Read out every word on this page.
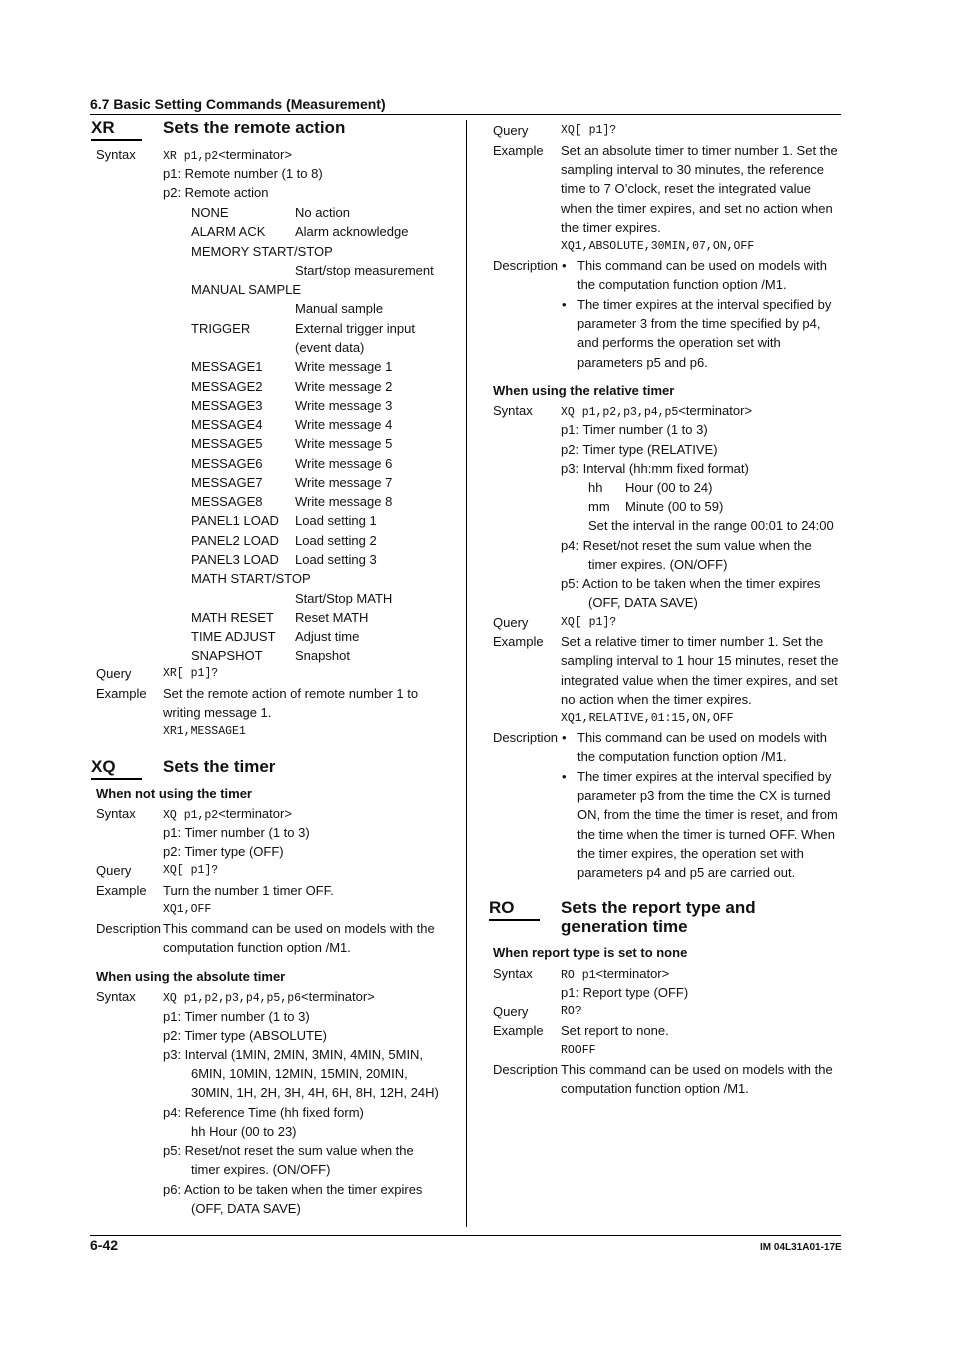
6.7 Basic Setting Commands (Measurement)
XR	Sets the remote action
Syntax XR p1,p2<terminator>
p1: Remote number (1 to 8)
p2: Remote action
NONE	No action
ALARM ACK Alarm acknowledge
MEMORY START/STOP
Start/stop measurement
MANUAL SAMPLE
Manual sample
TRIGGER	External trigger input
(event data)
MESSAGE1 Write message 1
MESSAGE2 Write message 2
MESSAGE3 Write message 3
MESSAGE4 Write message 4
MESSAGE5 Write message 5
MESSAGE6 Write message 6
MESSAGE7 Write message 7
MESSAGE8 Write message 8
PANEL1 LOAD Load setting 1
PANEL2 LOAD Load setting 2
PANEL3 LOAD Load setting 3
MATH START/STOP
Start/Stop MATH
MATH RESET Reset MATH
TIME ADJUST Adjust time
SNAPSHOT Snapshot
Query	XR[ p1]?
Example Set the remote action of remote number 1 to
writing message 1.
XR1,MESSAGE1
XQ	Sets the timer
When not using the timer
Syntax XQ p1,p2<terminator>
p1: Timer number (1 to 3)
p2: Timer type (OFF)
Query	XQ[ p1]?
Example Turn the number 1 timer OFF.
XQ1,OFF
Description This command can be used on models with the
computation function option /M1.
When using the absolute timer
Syntax XQ p1,p2,p3,p4,p5,p6<terminator>
p1: Timer number (1 to 3)
p2: Timer type (ABSOLUTE)
p3: Interval (1MIN, 2MIN, 3MIN, 4MIN, 5MIN,
6MIN, 10MIN, 12MIN, 15MIN, 20MIN,
30MIN, 1H, 2H, 3H, 4H, 6H, 8H, 12H, 24H)
p4: Reference Time (hh fixed form)
hh Hour (00 to 23)
p5: Reset/not reset the sum value when the
timer expires. (ON/OFF)
p6: Action to be taken when the timer expires
(OFF, DATA SAVE)
Query	XQ[ p1]?
Example Set an absolute timer to timer number 1. Set the
sampling interval to 30 minutes, the reference
time to 7 O’clock, reset the integrated value
when the timer expires, and set no action when
the timer expires.
XQ1,ABSOLUTE,30MIN,07,ON,OFF
Description • This command can be used on models with
the computation function option /M1.
• The timer expires at the interval specified by
parameter 3 from the time specified by p4,
and performs the operation set with
parameters p5 and p6.
When using the relative timer
Syntax XQ p1,p2,p3,p4,p5<terminator>
p1: Timer number (1 to 3)
p2: Timer type (RELATIVE)
p3: Interval (hh:mm fixed format)
hh Hour (00 to 24)
mm Minute (00 to 59)
Set the interval in the range 00:01 to 24:00
p4: Reset/not reset the sum value when the
timer expires. (ON/OFF)
p5: Action to be taken when the timer expires
(OFF, DATA SAVE)
Query	XQ[ p1]?
Example Set a relative timer to timer number 1. Set the
sampling interval to 1 hour 15 minutes, reset the
integrated value when the timer expires, and set
no action when the timer expires.
XQ1,RELATIVE,01:15,ON,OFF
Description • This command can be used on models with
the computation function option /M1.
• The timer expires at the interval specified by
parameter p3 from the time the CX is turned
ON, from the time the timer is reset, and from
the time when the timer is turned OFF. When
the timer expires, the operation set with
parameters p4 and p5 are carried out.
RO	Sets the report type and
generation time
When report type is set to none
Syntax RO p1<terminator>
p1: Report type (OFF)
Query	RO?
Example Set report to none.
ROOFF
Description This command can be used on models with the
computation function option /M1.
6-42	IM 04L31A01-17E
